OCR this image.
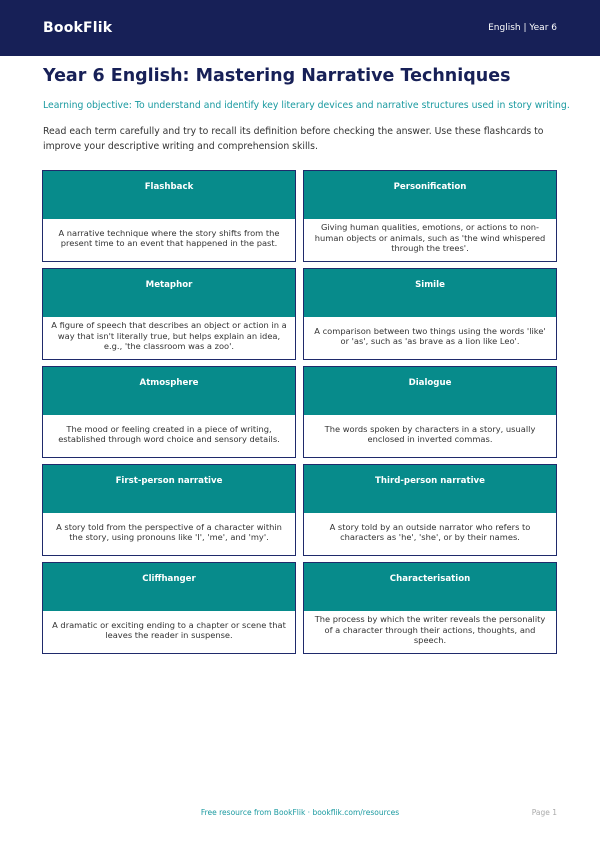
BookFlik	English | Year 6
Year 6 English: Mastering Narrative Techniques
Learning objective: To understand and identify key literary devices and narrative structures used in story writing.
Read each term carefully and try to recall its definition before checking the answer. Use these flashcards to improve your descriptive writing and comprehension skills.
Flashback
A narrative technique where the story shifts from the present time to an event that happened in the past.
Personification
Giving human qualities, emotions, or actions to non-human objects or animals, such as 'the wind whispered through the trees'.
Metaphor
A figure of speech that describes an object or action in a way that isn't literally true, but helps explain an idea, e.g., 'the classroom was a zoo'.
Simile
A comparison between two things using the words 'like' or 'as', such as 'as brave as a lion like Leo'.
Atmosphere
The mood or feeling created in a piece of writing, established through word choice and sensory details.
Dialogue
The words spoken by characters in a story, usually enclosed in inverted commas.
First-person narrative
A story told from the perspective of a character within the story, using pronouns like 'I', 'me', and 'my'.
Third-person narrative
A story told by an outside narrator who refers to characters as 'he', 'she', or by their names.
Cliffhanger
A dramatic or exciting ending to a chapter or scene that leaves the reader in suspense.
Characterisation
The process by which the writer reveals the personality of a character through their actions, thoughts, and speech.
Free resource from BookFlik · bookflik.com/resources	Page 1
